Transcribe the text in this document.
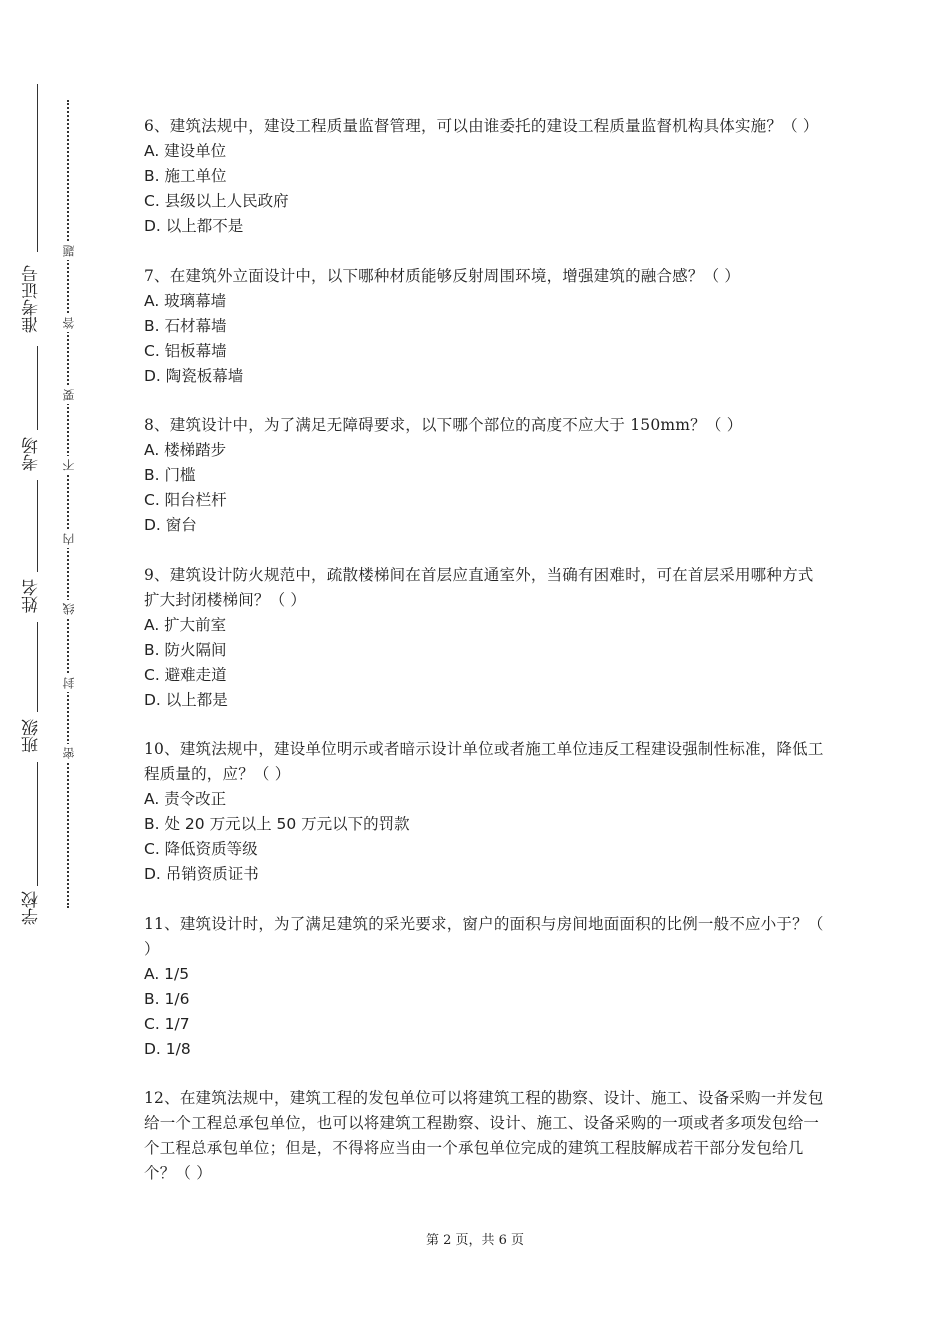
准考证号
考场
姓名
班级
学校
密
封
线
内
不
要
答
题
6、建筑法规中，建设工程质量监督管理，可以由谁委托的建设工程质量监督机构具体实施？（ ）
A. 建设单位
B. 施工单位
C. 县级以上人民政府
D. 以上都不是
7、在建筑外立面设计中，以下哪种材质能够反射周围环境，增强建筑的融合感？（ ）
A. 玻璃幕墙
B. 石材幕墙
C. 铝板幕墙
D. 陶瓷板幕墙
8、建筑设计中，为了满足无障碍要求，以下哪个部位的高度不应大于 150mm？（ ）
A. 楼梯踏步
B. 门槛
C. 阳台栏杆
D. 窗台
9、建筑设计防火规范中，疏散楼梯间在首层应直通室外，当确有困难时，可在首层采用哪种方式扩大封闭楼梯间？（ ）
A. 扩大前室
B. 防火隔间
C. 避难走道
D. 以上都是
10、建筑法规中，建设单位明示或者暗示设计单位或者施工单位违反工程建设强制性标准，降低工程质量的，应？（ ）
A. 责令改正
B. 处 20 万元以上 50 万元以下的罚款
C. 降低资质等级
D. 吊销资质证书
11、建筑设计时，为了满足建筑的采光要求，窗户的面积与房间地面面积的比例一般不应小于？（ ）
A. 1/5
B. 1/6
C. 1/7
D. 1/8
12、在建筑法规中，建筑工程的发包单位可以将建筑工程的勘察、设计、施工、设备采购一并发包给一个工程总承包单位，也可以将建筑工程勘察、设计、施工、设备采购的一项或者多项发包给一个工程总承包单位；但是，不得将应当由一个承包单位完成的建筑工程肢解成若干部分发包给几个？（ ）
第 2 页，共 6 页
